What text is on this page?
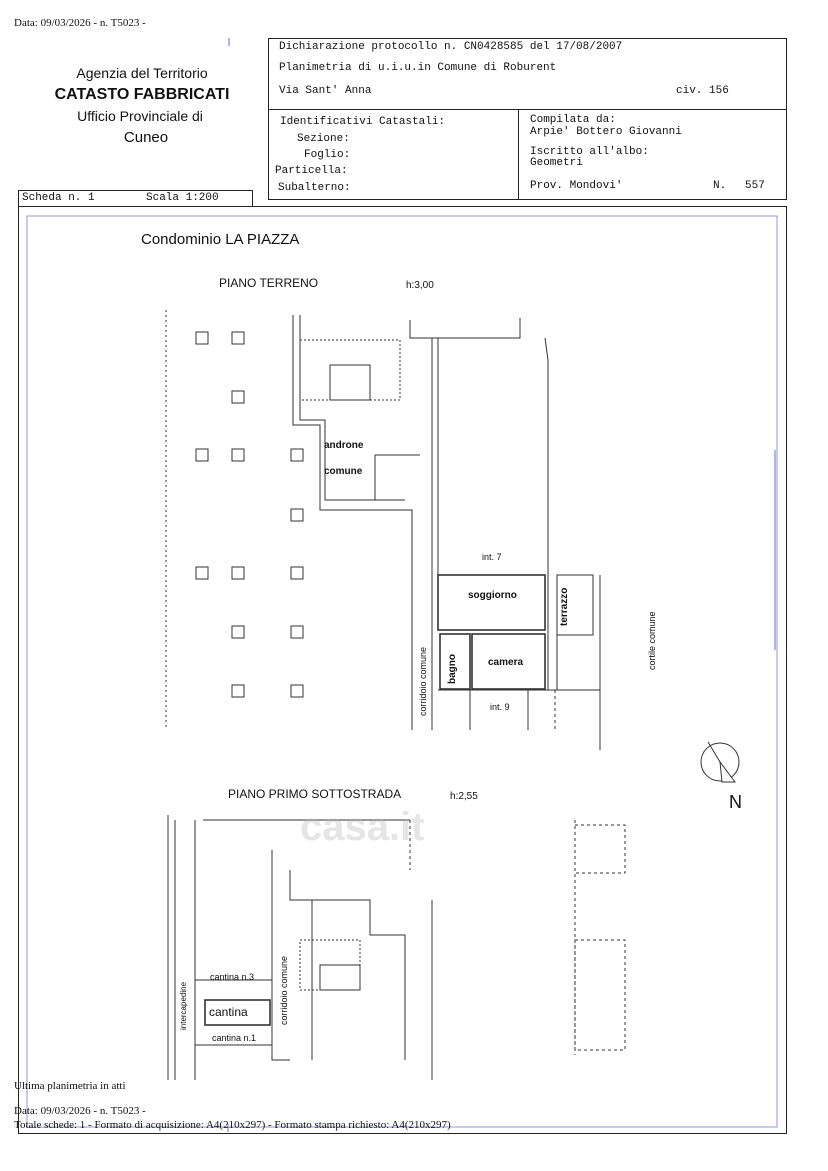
Data: 09/03/2026 - n. T5023 -
Agenzia del Territorio
CATASTO FABBRICATI
Ufficio Provinciale di
Cuneo
Dichiarazione protocollo n. CN0428585 del 17/08/2007
Planimetria di u.i.u.in Comune di Roburent
Via Sant' Anna	civ. 156
Identificativi Catastali:
Sezione:
Foglio:
Particella:
Subalterno:
Compilata da:
Arpie' Bottero Giovanni
Iscritto all'albo:
Geometri
Prov. Mondovi'	N. 557
Scheda n. 1	Scala 1:200
casa.it
Condominio LA PIAZZA
PIANO TERRENO	h:3,00
androne
comune
int. 7
soggiorno	terrazzo
bagno	camera
int. 9
corridoio comune
cortile comune
N
PIANO PRIMO SOTTOSTRADA	h:2,55
cantina n.3
cantina
cantina n.1
corridoio comune
intercapedine
Ultima planimetria in atti
Data: 09/03/2026 - n. T5023 -
Totale schede: 1 - Formato di acquisizione: A4(210x297) - Formato stampa richiesto: A4(210x297)
